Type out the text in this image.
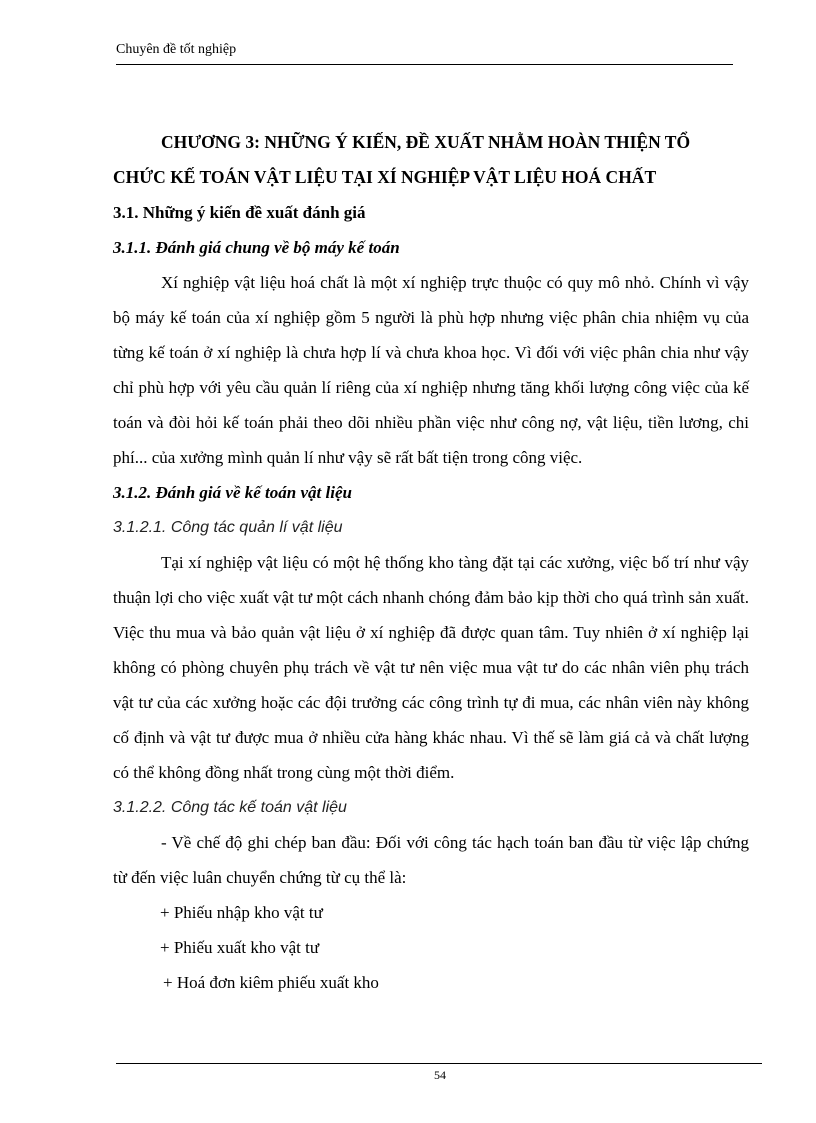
Chuyên đề tốt nghiệp

CHƯƠNG 3: NHỮNG Ý KIẾN, ĐỀ XUẤT NHẰM HOÀN THIỆN TỔ
CHỨC KẾ TOÁN VẬT LIỆU TẠI XÍ NGHIỆP VẬT LIỆU HOÁ CHẤT

3.1. Những ý kiến đề xuất đánh giá

3.1.1. Đánh giá chung về bộ máy kế toán

Xí nghiệp vật liệu hoá chất là một xí nghiệp trực thuộc có quy mô nhỏ. Chính vì vậy bộ máy kế toán của xí nghiệp gồm 5 người là phù hợp nhưng việc phân chia nhiệm vụ của từng kế toán ở xí nghiệp là chưa hợp lí và chưa khoa học. Vì đối với việc phân chia như vậy chỉ phù hợp với yêu cầu quản lí riêng của xí nghiệp nhưng tăng khối lượng công việc của kế toán và đòi hỏi kế toán phải theo dõi nhiều phần việc như công nợ, vật liệu, tiền lương, chi phí... của xưởng mình quản lí như vậy sẽ rất bất tiện trong công việc.

3.1.2. Đánh giá về kế toán vật liệu

3.1.2.1. Công tác quản lí vật liệu

Tại xí nghiệp vật liệu có một hệ thống kho tàng đặt tại các xưởng, việc bố trí như vậy thuận lợi cho việc xuất vật tư một cách nhanh chóng đảm bảo kịp thời cho quá trình sản xuất. Việc thu mua và bảo quản vật liệu ở xí nghiệp đã được quan tâm. Tuy nhiên ở xí nghiệp lại không có phòng chuyên phụ trách về vật tư nên việc mua vật tư do các nhân viên phụ trách vật tư của các xưởng hoặc các đội trưởng các công trình tự đi mua, các nhân viên này không cố định và vật tư được mua ở nhiều cửa hàng khác nhau. Vì thế sẽ làm giá cả và chất lượng có thể không đồng nhất trong cùng một thời điểm.

3.1.2.2. Công tác kế toán vật liệu

- Về chế độ ghi chép ban đầu: Đối với công tác hạch toán ban đầu từ việc lập chứng từ đến việc luân chuyển chứng từ cụ thể là:

+ Phiếu nhập kho vật tư

+ Phiếu xuất kho vật tư

+ Hoá đơn kiêm phiếu xuất kho

54
